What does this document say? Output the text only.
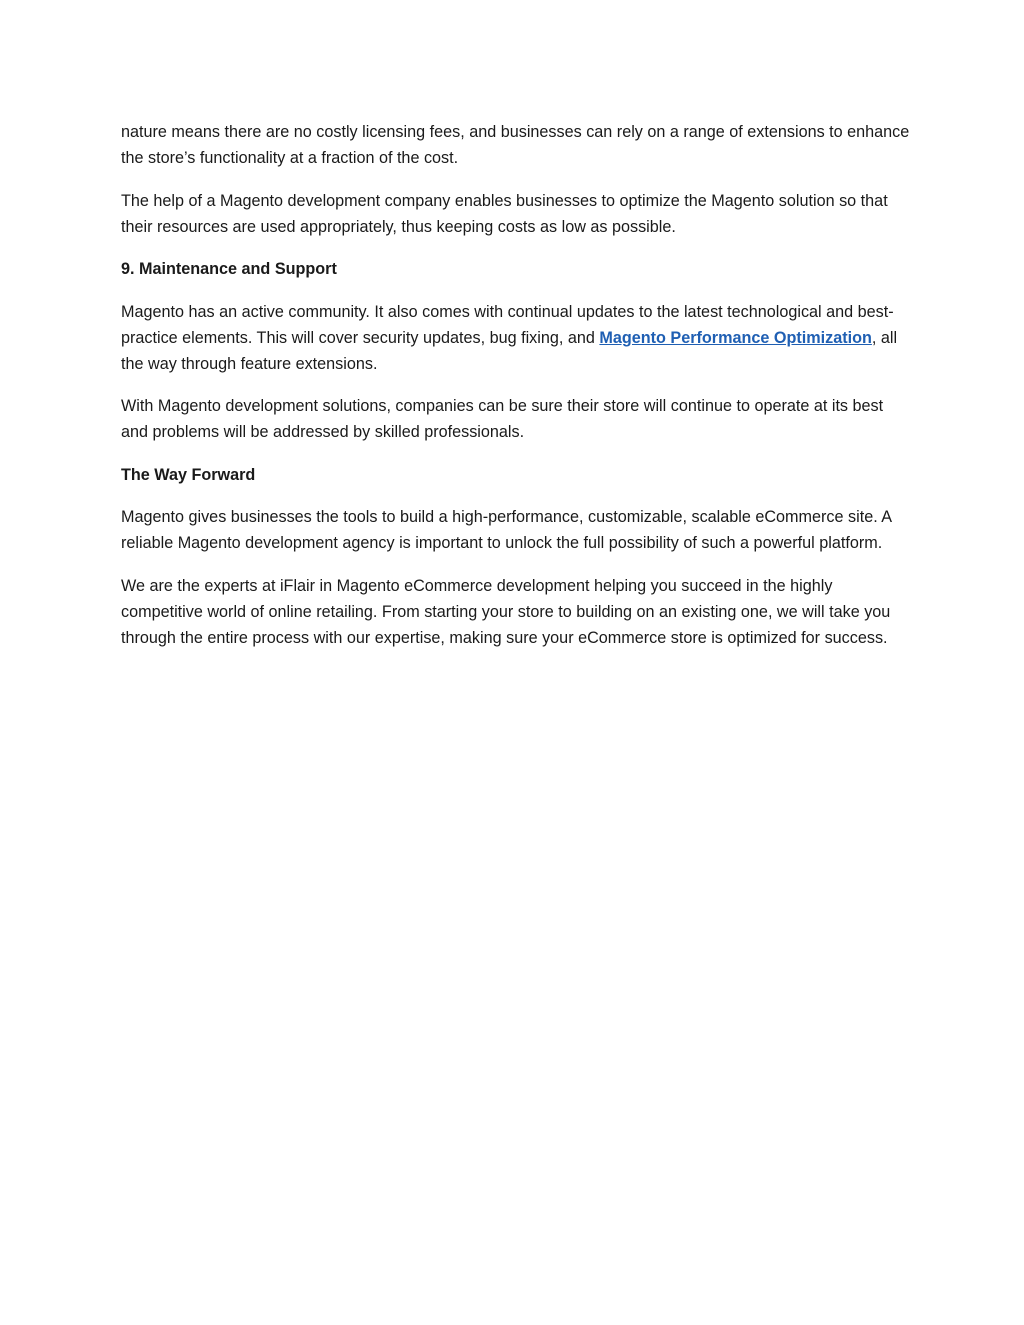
nature means there are no costly licensing fees, and businesses can rely on a range of extensions to enhance the store’s functionality at a fraction of the cost.

The help of a Magento development company enables businesses to optimize the Magento solution so that their resources are used appropriately, thus keeping costs as low as possible.

9. Maintenance and Support

Magento has an active community. It also comes with continual updates to the latest technological and best-practice elements. This will cover security updates, bug fixing, and Magento Performance Optimization, all the way through feature extensions.

With Magento development solutions, companies can be sure their store will continue to operate at its best and problems will be addressed by skilled professionals.

The Way Forward

Magento gives businesses the tools to build a high-performance, customizable, scalable eCommerce site. A reliable Magento development agency is important to unlock the full possibility of such a powerful platform.

We are the experts at iFlair in Magento eCommerce development helping you succeed in the highly competitive world of online retailing. From starting your store to building on an existing one, we will take you through the entire process with our expertise, making sure your eCommerce store is optimized for success.
